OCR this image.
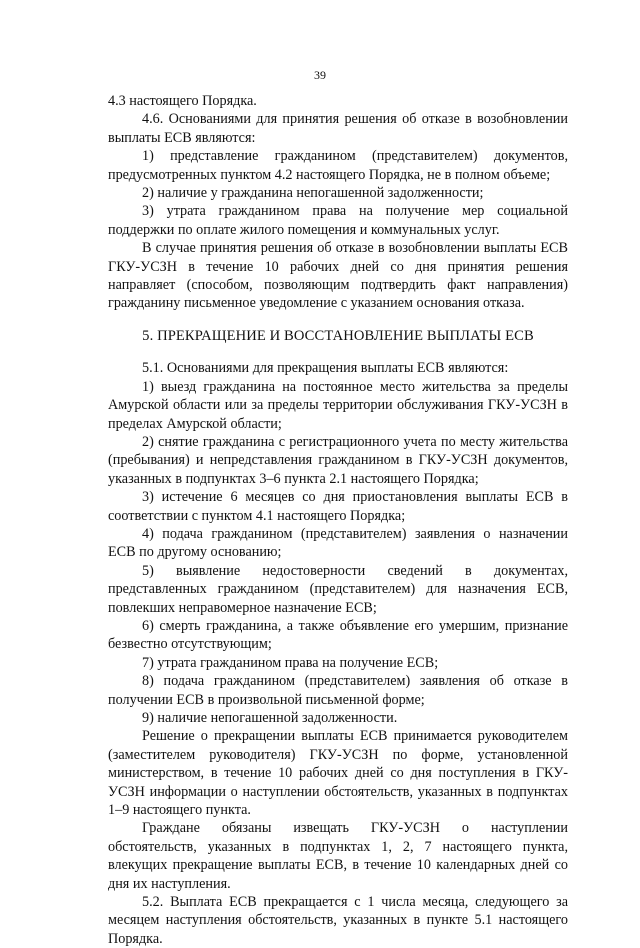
39

4.3 настоящего Порядка.

4.6. Основаниями для принятия решения об отказе в возобновлении выплаты ЕСВ являются:

1) представление гражданином (представителем) документов, предусмотренных пунктом 4.2 настоящего Порядка, не в полном объеме;

2) наличие у гражданина непогашенной задолженности;

3) утрата гражданином права на получение мер социальной поддержки по оплате жилого помещения и коммунальных услуг.

В случае принятия решения об отказе в возобновлении выплаты ЕСВ ГКУ-УСЗН в течение 10 рабочих дней со дня принятия решения направляет (способом, позволяющим подтвердить факт направления) гражданину письменное уведомление с указанием основания отказа.

5. ПРЕКРАЩЕНИЕ И ВОССТАНОВЛЕНИЕ ВЫПЛАТЫ ЕСВ

5.1. Основаниями для прекращения выплаты ЕСВ являются:

1) выезд гражданина на постоянное место жительства за пределы Амурской области или за пределы территории обслуживания ГКУ-УСЗН в пределах Амурской области;

2) снятие гражданина с регистрационного учета по месту жительства (пребывания) и непредставления гражданином в ГКУ-УСЗН документов, указанных в подпунктах 3–6 пункта 2.1 настоящего Порядка;

3) истечение 6 месяцев со дня приостановления выплаты ЕСВ в соответствии с пунктом 4.1 настоящего Порядка;

4) подача гражданином (представителем) заявления о назначении ЕСВ по другому основанию;

5) выявление недостоверности сведений в документах, представленных гражданином (представителем) для назначения ЕСВ, повлекших неправомерное назначение ЕСВ;

6) смерть гражданина, а также объявление его умершим, признание безвестно отсутствующим;

7) утрата гражданином права на получение ЕСВ;

8) подача гражданином (представителем) заявления об отказе в получении ЕСВ в произвольной письменной форме;

9) наличие непогашенной задолженности.

Решение о прекращении выплаты ЕСВ принимается руководителем (заместителем руководителя) ГКУ-УСЗН по форме, установленной министерством, в течение 10 рабочих дней со дня поступления в ГКУ-УСЗН информации о наступлении обстоятельств, указанных в подпунктах 1–9 настоящего пункта.

Граждане обязаны извещать ГКУ-УСЗН о наступлении обстоятельств, указанных в подпунктах 1, 2, 7 настоящего пункта, влекущих прекращение выплаты ЕСВ, в течение 10 календарных дней со дня их наступления.

5.2. Выплата ЕСВ прекращается с 1 числа месяца, следующего за месяцем наступления обстоятельств, указанных в пункте 5.1 настоящего Порядка.
